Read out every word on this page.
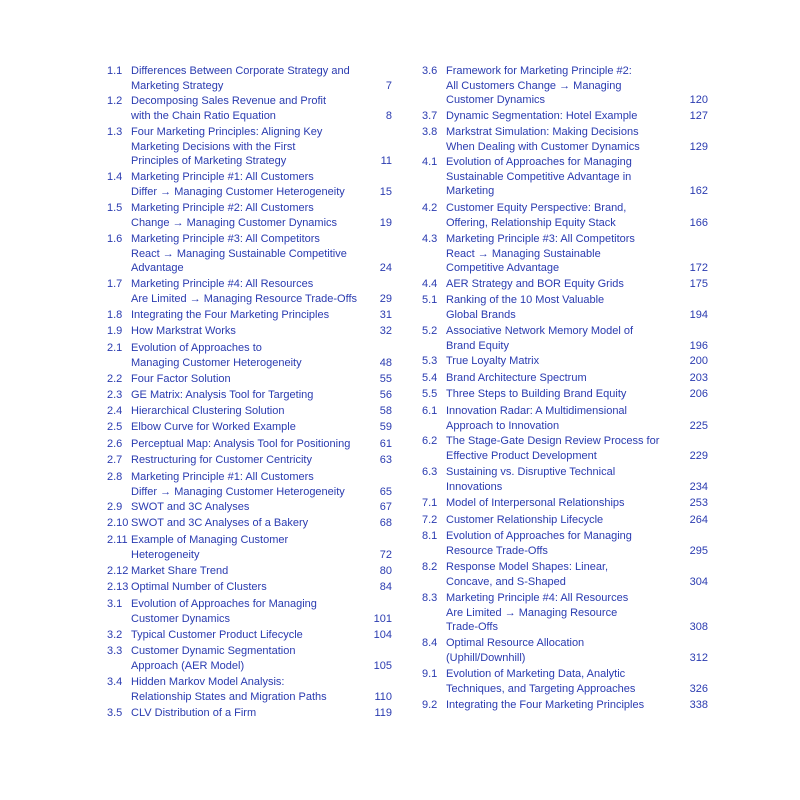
1.1 Differences Between Corporate Strategy and
Marketing Strategy	7
1.2 Decomposing Sales Revenue and Profit
with the Chain Ratio Equation	8
1.3 Four Marketing Principles: Aligning Key
Marketing Decisions with the First
Principles of Marketing Strategy	11
1.4 Marketing Principle #1: All Customers
Differ → Managing Customer Heterogeneity	15
1.5 Marketing Principle #2: All Customers
Change → Managing Customer Dynamics	19
1.6 Marketing Principle #3: All Competitors
React → Managing Sustainable Competitive
Advantage	24
1.7 Marketing Principle #4: All Resources
Are Limited → Managing Resource Trade-Offs	29
1.8 Integrating the Four Marketing Principles	31
1.9 How Markstrat Works	32
2.1 Evolution of Approaches to
Managing Customer Heterogeneity	48
2.2 Four Factor Solution	55
2.3 GE Matrix: Analysis Tool for Targeting	56
2.4 Hierarchical Clustering Solution	58
2.5 Elbow Curve for Worked Example	59
2.6 Perceptual Map: Analysis Tool for Positioning	61
2.7 Restructuring for Customer Centricity	63
2.8 Marketing Principle #1: All Customers
Differ → Managing Customer Heterogeneity	65
2.9 SWOT and 3C Analyses	67
2.10 SWOT and 3C Analyses of a Bakery	68
2.11 Example of Managing Customer
Heterogeneity	72
2.12 Market Share Trend	80
2.13 Optimal Number of Clusters	84
3.1 Evolution of Approaches for Managing
Customer Dynamics	101
3.2 Typical Customer Product Lifecycle	104
3.3 Customer Dynamic Segmentation
Approach (AER Model)	105
3.4 Hidden Markov Model Analysis:
Relationship States and Migration Paths	110
3.5 CLV Distribution of a Firm	119
3.6 Framework for Marketing Principle #2:
All Customers Change → Managing
Customer Dynamics	120
3.7 Dynamic Segmentation: Hotel Example	127
3.8 Markstrat Simulation: Making Decisions
When Dealing with Customer Dynamics	129
4.1 Evolution of Approaches for Managing
Sustainable Competitive Advantage in
Marketing	162
4.2 Customer Equity Perspective: Brand,
Offering, Relationship Equity Stack	166
4.3 Marketing Principle #3: All Competitors
React → Managing Sustainable
Competitive Advantage	172
4.4 AER Strategy and BOR Equity Grids	175
5.1 Ranking of the 10 Most Valuable
Global Brands	194
5.2 Associative Network Memory Model of
Brand Equity	196
5.3 True Loyalty Matrix	200
5.4 Brand Architecture Spectrum	203
5.5 Three Steps to Building Brand Equity	206
6.1 Innovation Radar: A Multidimensional
Approach to Innovation	225
6.2 The Stage-Gate Design Review Process for
Effective Product Development	229
6.3 Sustaining vs. Disruptive Technical
Innovations	234
7.1 Model of Interpersonal Relationships	253
7.2 Customer Relationship Lifecycle	264
8.1 Evolution of Approaches for Managing
Resource Trade-Offs	295
8.2 Response Model Shapes: Linear,
Concave, and S-Shaped	304
8.3 Marketing Principle #4: All Resources
Are Limited → Managing Resource
Trade-Offs	308
8.4 Optimal Resource Allocation
(Uphill/Downhill)	312
9.1 Evolution of Marketing Data, Analytic
Techniques, and Targeting Approaches	326
9.2 Integrating the Four Marketing Principles	338
